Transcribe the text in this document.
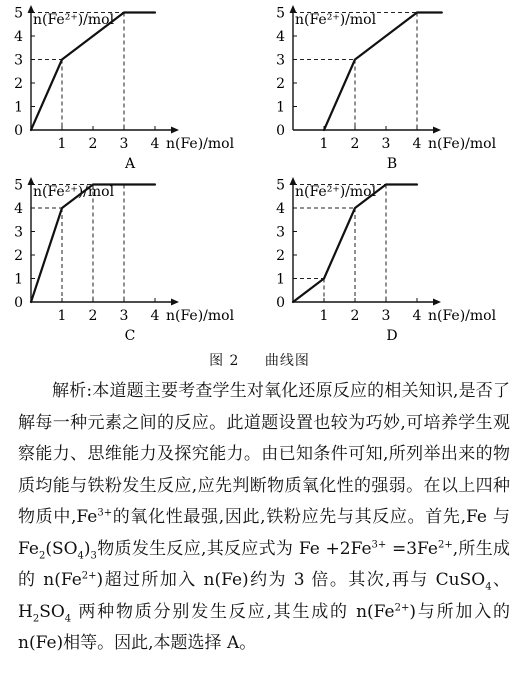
0
1
2
3
4
5
1 2 3 4
n(Fe²⁺)/mol
n(Fe)/mol
A
0
1
2
3
4
5
1 2 3 4
n(Fe²⁺)/mol
n(Fe)/mol
B
0
1
2
3
4
5
1 2 3 4
n(Fe²⁺)/mol
n(Fe)/mol
C
0
1
2
3
4
5
1 2 3 4
n(Fe²⁺)/mol
n(Fe)/mol
D
图 2 曲线图

解析:本道题主要考查学生对氧化还原反应的相关知识,是否了解每一种元素之间的反应。此道题设置也较为巧妙,可培养学生观察能力、思维能力及探究能力。由已知条件可知,所列举出来的物质均能与铁粉发生反应,应先判断物质氧化性的强弱。在以上四种物质中$,Fe^{3+}$的氧化性最强,因此,铁粉应先与其反应。首先,Fe 与 $Fe_2(SO_4)_3$物质发生反应,其反应式为 $Fe +2Fe^{3+} =3Fe^{2+}$,所生成的 $n(Fe^{2+})$超过所加入 n(Fe)约为 3 倍。其次,再与 CuSO$_4$、$H_2SO_4$ 两种物质分别发生反应,其生成的 $n(Fe^{2+})$与所加入的 n(Fe)相等。因此,本题选择 A。
